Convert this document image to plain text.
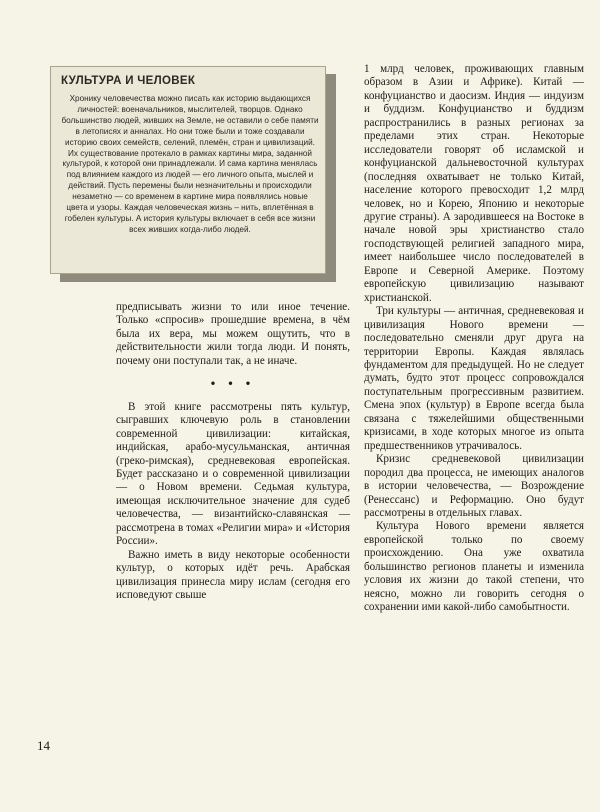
КУЛЬТУРА И ЧЕЛОВЕК

Хронику человечества можно писать как историю выдающихся личностей: военачальников, мыслителей, творцов. Однако большинство людей, живших на Земле, не оставили о себе памяти в летописях и анналах. Но они тоже были и тоже создавали историю своих семейств, селений, племён, стран и цивилизаций. Их существование протекало в рамках картины мира, заданной культурой, к которой они принадлежали. И сама картина менялась под влиянием каждого из людей — его личного опыта, мыслей и действий. Пусть перемены были незначительны и происходили незаметно — со временем в картине мира появлялись новые цвета и узоры. Каждая человеческая жизнь – нить, вплетённая в гобелен культуры. А история культуры включает в себя все жизни всех живших когда-либо людей.

предписывать жизни то или иное течение. Только «спросив» прошедшие времена, в чём была их вера, мы можем ощутить, что в действительности жили тогда люди. И понять, почему они поступали так, а не иначе.

• • •

В этой книге рассмотрены пять культур, сыгравших ключевую роль в становлении современной цивилизации: китайская, индийская, арабо-мусульманская, античная (греко-римская), средневековая европейская. Будет рассказано и о современной цивилизации — о Новом времени. Седьмая культура, имеющая исключительное значение для судеб человечества, — византийско-славянская — рассмотрена в томах «Религии мира» и «История России».

Важно иметь в виду некоторые особенности культур, о которых идёт речь. Арабская цивилизация принесла миру ислам (сегодня его исповедуют свыше

1 млрд человек, проживающих главным образом в Азии и Африке). Китай — конфуцианство и даосизм. Индия — индуизм и буддизм. Конфуцианство и буддизм распространились в разных регионах за пределами этих стран. Некоторые исследователи говорят об исламской и конфуцианской дальневосточной культурах (последняя охватывает не только Китай, население которого превосходит 1,2 млрд человек, но и Корею, Японию и некоторые другие страны). А зародившееся на Востоке в начале новой эры христианство стало господствующей религией западного мира, имеет наибольшее число последователей в Европе и Северной Америке. Поэтому европейскую цивилизацию называют христианской.

Три культуры — античная, средневековая и цивилизация Нового времени — последовательно сменяли друг друга на территории Европы. Каждая являлась фундаментом для предыдущей. Но не следует думать, будто этот процесс сопровождался поступательным прогрессивным развитием. Смена эпох (культур) в Европе всегда была связана с тяжелейшими общественными кризисами, в ходе которых многое из опыта предшественников утрачивалось.

Кризис средневековой цивилизации породил два процесса, не имеющих аналогов в истории человечества, — Возрождение (Ренессанс) и Реформацию. Оно будут рассмотрены в отдельных главах.

Культура Нового времени является европейской только по своему происхождению. Она уже охватила большинство регионов планеты и изменила условия их жизни до такой степени, что неясно, можно ли говорить сегодня о сохранении ими какой-либо самобытности.

14
